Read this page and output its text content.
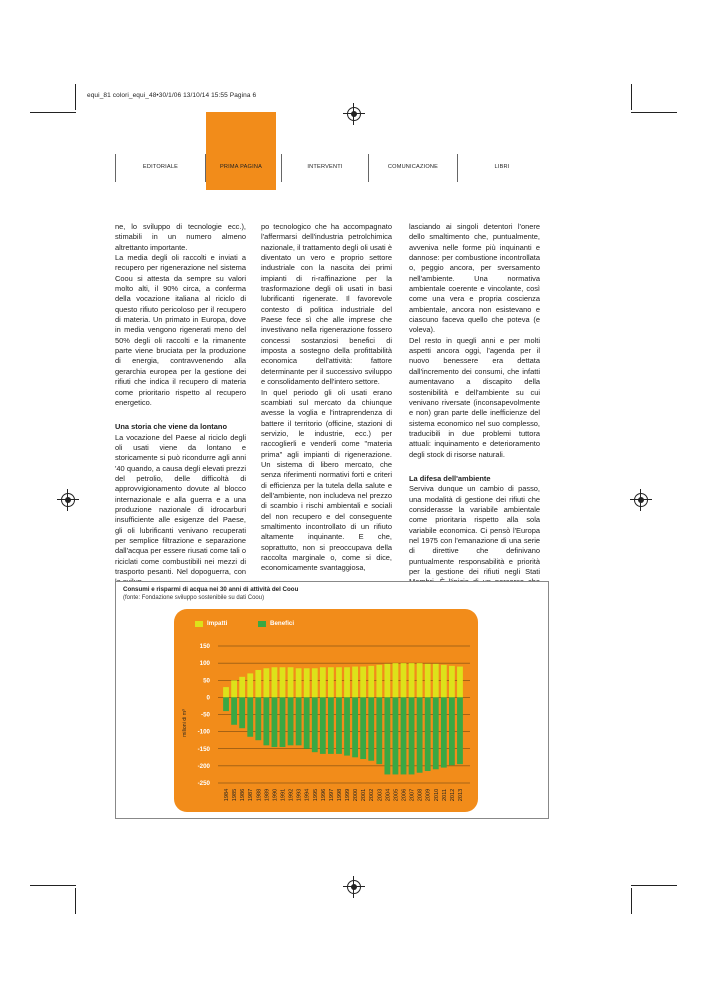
equi_81 colori_equi_48•30/1/06 13/10/14 15:55 Pagina 6
EDITORIALE	PRIMA PAGINA	INTERVENTI	COMUNICAZIONE	LIBRI

ne, lo sviluppo di tecnologie ecc.), stimabili in un numero almeno altrettanto importante.

La media degli oli raccolti e inviati a recupero per rigenerazione nel sistema Coou si attesta da sempre su valori molto alti, il 90% circa, a conferma della vocazione italiana al riciclo di questo rifiuto pericoloso per il recupero di materia. Un primato in Europa, dove in media vengono rigenerati meno del 50% degli oli raccolti e la rimanente parte viene bruciata per la produzione di energia, contravvenendo alla gerarchia europea per la gestione dei rifiuti che indica il recupero di materia come prioritario rispetto al recupero energetico.

Una storia che viene da lontano

La vocazione del Paese al riciclo degli oli usati viene da lontano e storicamente si può ricondurre agli anni '40 quando, a causa degli elevati prezzi del petrolio, delle difficoltà di approvvigionamento dovute al blocco internazionale e alla guerra e a una produzione nazionale di idrocarburi insufficiente alle esigenze del Paese, gli oli lubrificanti venivano recuperati per semplice filtrazione e separazione dall'acqua per essere riusati come tali o riciclati come combustibili nei mezzi di trasporto pesanti. Nel dopoguerra, con

po tecnologico che ha accompagnato l'affermarsi dell'industria petrolchimica nazionale, il trattamento degli oli usati è diventato un vero e proprio settore industriale con la nascita dei primi impianti di ri-raffinazione per la trasformazione degli oli usati in basi lubrificanti rigenerate. Il favorevole contesto di politica industriale del Paese fece sì che alle imprese che investivano nella rigenerazione fossero concessi sostanziosi benefici di imposta a sostegno della profittabilità economica dell'attività: fattore determinante per il successivo sviluppo e consolidamento dell'intero settore.

In quel periodo gli oli usati erano scambiati sul mercato da chiunque avesse la voglia e l'intraprendenza di battere il territorio (officine, stazioni di servizio, le industrie, ecc.) per raccoglierli e venderli come "materia prima" agli impianti di rigenerazione. Un sistema di libero mercato, che senza riferimenti normativi forti e criteri di efficienza per la tutela della salute e dell'ambiente, non includeva nel prezzo di scambio i rischi ambientali e sociali del non recupero e del conseguente smaltimento incontrollato di un rifiuto altamente inquinante. E che, soprattutto, non si preoccupava della raccolta marginale o, come si dice, economicamente svantaggiosa,

lasciando ai singoli detentori l'onere dello smaltimento che, puntualmente, avveniva nelle forme più inquinanti e dannose: per combustione incontrollata o, peggio ancora, per sversamento nell'ambiente. Una normativa ambientale coerente e vincolante, così come una vera e propria coscienza ambientale, ancora non esistevano e ciascuno faceva quello che poteva (e voleva).

Del resto in quegli anni e per molti aspetti ancora oggi, l'agenda per il nuovo benessere era dettata dall'incremento dei consumi, che infatti aumentavano a discapito della sostenibilità e dell'ambiente su cui venivano riversate (inconsapevolmente e non) gran parte delle inefficienze del sistema economico nel suo complesso, traducibili in due problemi tuttora attuali: inquinamento e deterioramento degli stock di risorse naturali.

La difesa dell'ambiente

Serviva dunque un cambio di passo, una modalità di gestione dei rifiuti che considerasse la variabile ambientale come prioritaria rispetto alla sola variabile economica. Ci pensò l'Europa nel 1975 con l'emanazione di una serie di direttive che definivano puntualmente responsabilità e priorità per la gestione dei rifiuti negli Stati

Consumi e risparmi di acqua nei 30 anni di attività del Coou
(fonte: Fondazione sviluppo sostenibile su dati Coou)
Impatti	Benefici
150
100
50
0
-50
-100
-150
-200
-250
milioni di m³
1984 1985 1986 1987 1988 1989 1990 1991 1992 1993 1994 1995 1996 1997 1998 1999 2000 2001 2002 2003 2004 2005 2006 2007 2008 2009 2010 2011 2012 2013
